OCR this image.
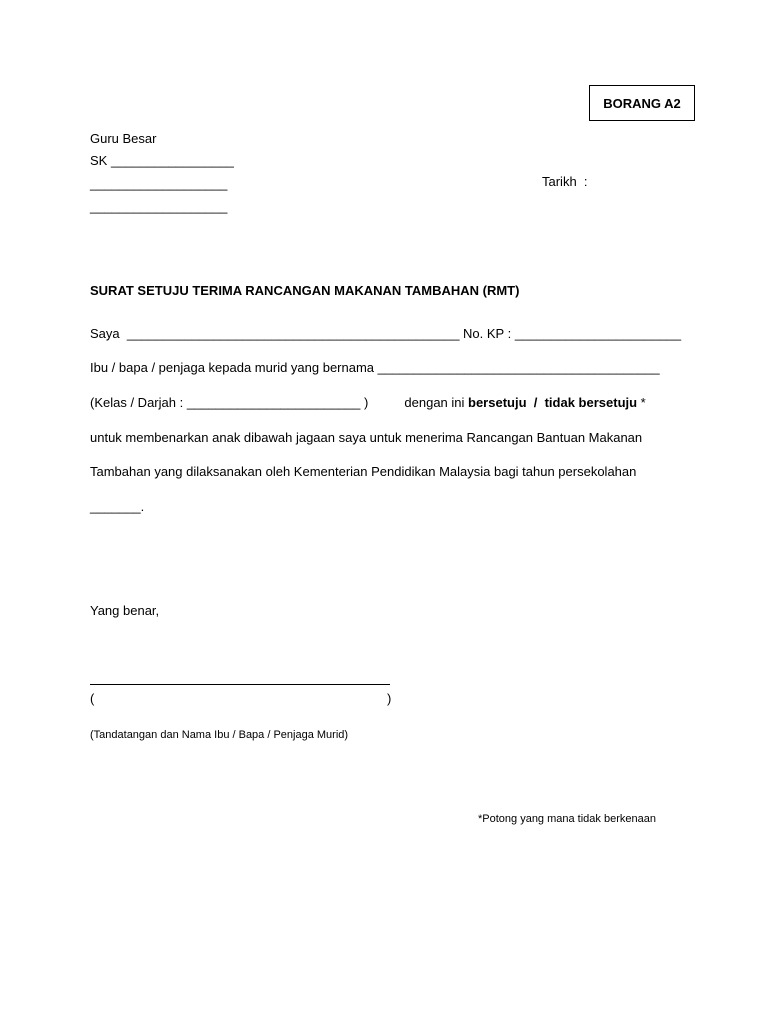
BORANG A2
Guru Besar
SK _________________
___________________
___________________
Tarikh  :
SURAT SETUJU TERIMA RANCANGAN MAKANAN TAMBAHAN (RMT)
Saya  ______________________________________________ No. KP : _______________________
Ibu / bapa / penjaga kepada murid yang bernama _______________________________________
(Kelas / Darjah : ________________________ )          dengan ini bersetuju  /  tidak bersetuju *
untuk membenarkan anak dibawah jagaan saya untuk menerima Rancangan Bantuan Makanan
Tambahan yang dilaksanakan oleh Kementerian Pendidikan Malaysia bagi tahun persekolahan
_______.
Yang benar,
(	)
(Tandatangan dan Nama Ibu / Bapa / Penjaga Murid)
*Potong yang mana tidak berkenaan
